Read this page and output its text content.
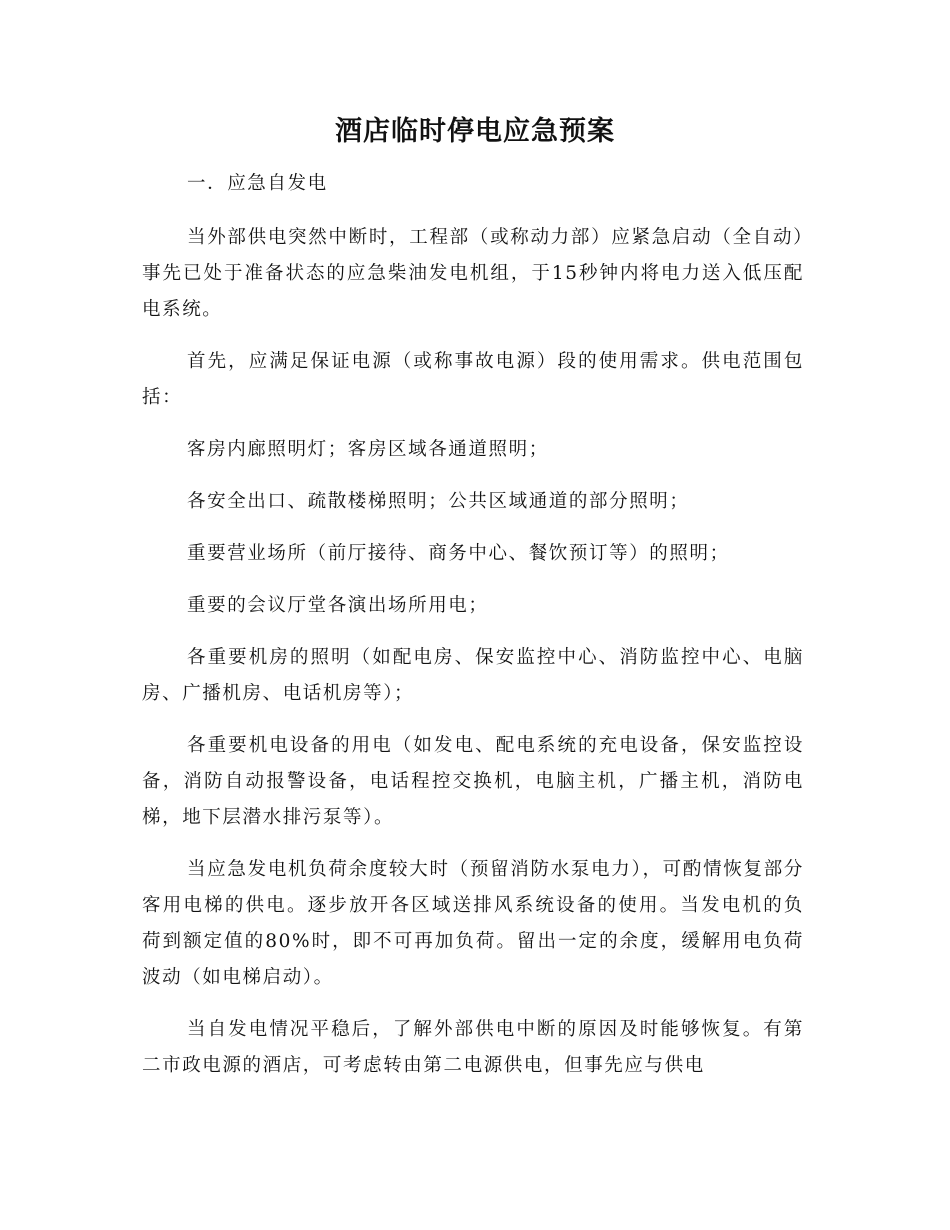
酒店临时停电应急预案

一．应急自发电

当外部供电突然中断时，工程部（或称动力部）应紧急启动（全自动）事先已处于准备状态的应急柴油发电机组，于15秒钟内将电力送入低压配电系统。

首先，应满足保证电源（或称事故电源）段的使用需求。供电范围包括：

客房内廊照明灯；客房区域各通道照明；

各安全出口、疏散楼梯照明；公共区域通道的部分照明；

重要营业场所（前厅接待、商务中心、餐饮预订等）的照明；

重要的会议厅堂各演出场所用电；

各重要机房的照明（如配电房、保安监控中心、消防监控中心、电脑房、广播机房、电话机房等）；

各重要机电设备的用电（如发电、配电系统的充电设备，保安监控设备，消防自动报警设备，电话程控交换机，电脑主机，广播主机，消防电梯，地下层潜水排污泵等）。

当应急发电机负荷余度较大时（预留消防水泵电力），可酌情恢复部分客用电梯的供电。逐步放开各区域送排风系统设备的使用。当发电机的负荷到额定值的80%时，即不可再加负荷。留出一定的余度，缓解用电负荷波动（如电梯启动）。

当自发电情况平稳后，了解外部供电中断的原因及时能够恢复。有第二市政电源的酒店，可考虑转由第二电源供电，但事先应与供电
